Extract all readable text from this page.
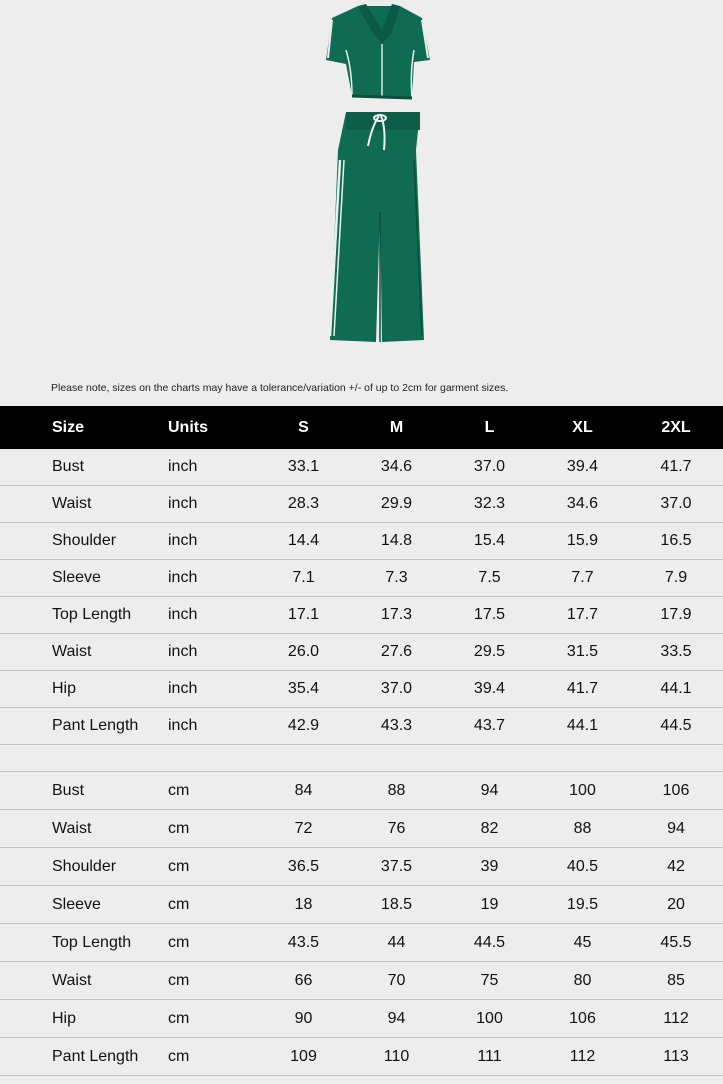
Please note, sizes on the charts may have a tolerance/variation +/- of up to 2cm for garment sizes.
Size	Units	S	M	L	XL	2XL
Bust	inch	33.1	34.6	37.0	39.4	41.7
Waist	inch	28.3	29.9	32.3	34.6	37.0
Shoulder	inch	14.4	14.8	15.4	15.9	16.5
Sleeve	inch	7.1	7.3	7.5	7.7	7.9
Top Length	inch	17.1	17.3	17.5	17.7	17.9
Waist	inch	26.0	27.6	29.5	31.5	33.5
Hip	inch	35.4	37.0	39.4	41.7	44.1
Pant Length	inch	42.9	43.3	43.7	44.1	44.5

Bust	cm	84	88	94	100	106
Waist	cm	72	76	82	88	94
Shoulder	cm	36.5	37.5	39	40.5	42
Sleeve	cm	18	18.5	19	19.5	20
Top Length	cm	43.5	44	44.5	45	45.5
Waist	cm	66	70	75	80	85
Hip	cm	90	94	100	106	112
Pant Length	cm	109	110	111	112	113
